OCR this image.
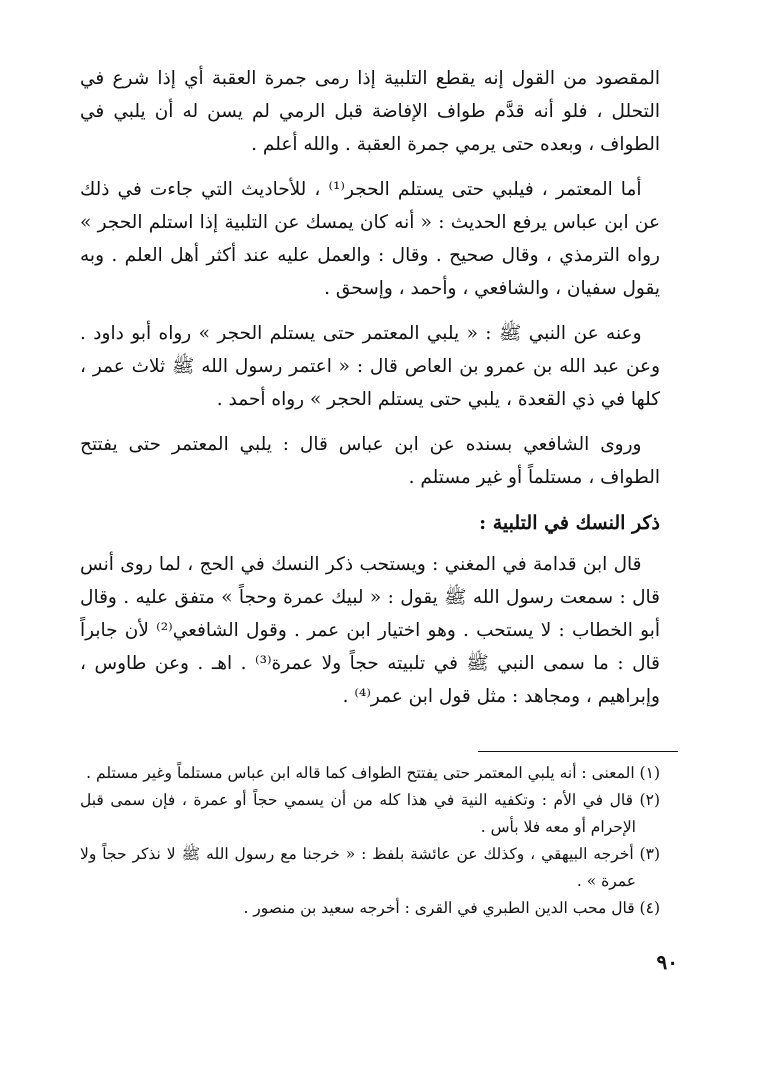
المقصود من القول إنه يقطع التلبية إذا رمى جمرة العقبة أي إذا شرع في التحلل ، فلو أنه قدَّم طواف الإفاضة قبل الرمي لم يسن له أن يلبي في الطواف ، وبعده حتى يرمي جمرة العقبة . والله أعلم .

أما المعتمر ، فيلبي حتى يستلم الحجر⁽¹⁾ ، للأحاديث التي جاءت في ذلك عن ابن عباس يرفع الحديث : « أنه كان يمسك عن التلبية إذا استلم الحجر » رواه الترمذي ، وقال صحيح . وقال : والعمل عليه عند أكثر أهل العلم . وبه يقول سفيان ، والشافعي ، وأحمد ، وإسحق .

وعنه عن النبي ﷺ : « يلبي المعتمر حتى يستلم الحجر » رواه أبو داود . وعن عبد الله بن عمرو بن العاص قال : « اعتمر رسول الله ﷺ ثلاث عمر ، كلها في ذي القعدة ، يلبي حتى يستلم الحجر » رواه أحمد .

وروى الشافعي بسنده عن ابن عباس قال : يلبي المعتمر حتى يفتتح الطواف ، مستلماً أو غير مستلم .

ذكر النسك في التلبية :

قال ابن قدامة في المغني : ويستحب ذكر النسك في الحج ، لما روى أنس قال : سمعت رسول الله ﷺ يقول : « لبيك عمرة وحجاً » متفق عليه . وقال أبو الخطاب : لا يستحب . وهو اختيار ابن عمر . وقول الشافعي⁽²⁾ لأن جابراً قال : ما سمى النبي ﷺ في تلبيته حجاً ولا عمرة⁽³⁾ . اهـ . وعن طاوس ، وإبراهيم ، ومجاهد : مثل قول ابن عمر⁽⁴⁾ .

(١) المعنى : أنه يلبي المعتمر حتى يفتتح الطواف كما قاله ابن عباس مستلماً وغير مستلم .

(٢) قال في الأم : وتكفيه النية في هذا كله من أن يسمي حجاً أو عمرة ، فإن سمى قبل الإحرام أو معه فلا بأس .

(٣) أخرجه البيهقي ، وكذلك عن عائشة بلفظ : « خرجنا مع رسول الله ﷺ لا نذكر حجاً ولا عمرة » .

(٤) قال محب الدين الطبري في القرى : أخرجه سعيد بن منصور .

٩٠
